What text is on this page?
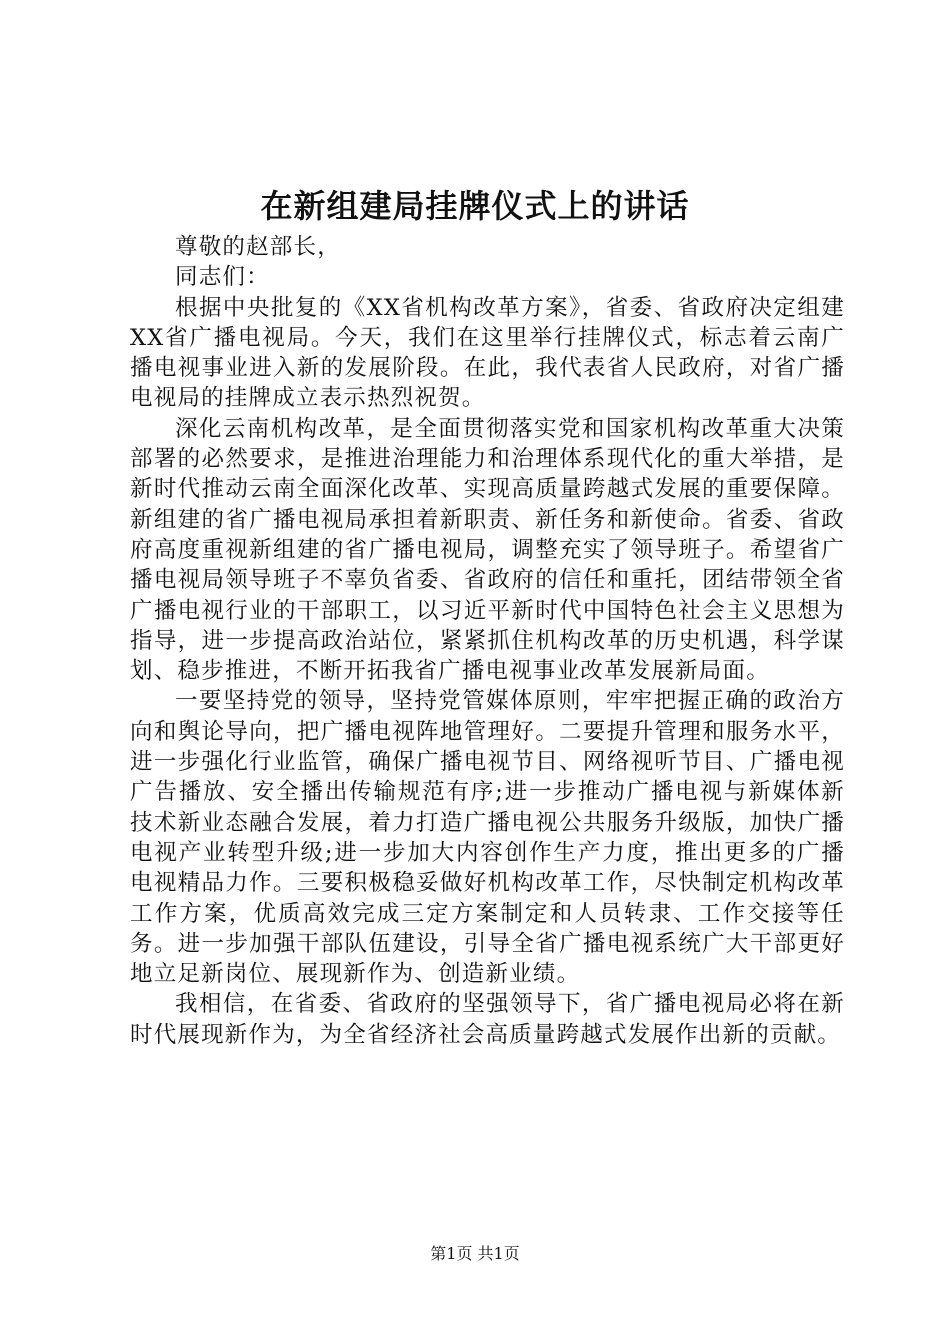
在新组建局挂牌仪式上的讲话

尊敬的赵部长，

同志们：

根据中央批复的《XX省机构改革方案》，省委、省政府决定组建XX省广播电视局。今天，我们在这里举行挂牌仪式，标志着云南广播电视事业进入新的发展阶段。在此，我代表省人民政府，对省广播电视局的挂牌成立表示热烈祝贺。

深化云南机构改革，是全面贯彻落实党和国家机构改革重大决策部署的必然要求，是推进治理能力和治理体系现代化的重大举措，是新时代推动云南全面深化改革、实现高质量跨越式发展的重要保障。新组建的省广播电视局承担着新职责、新任务和新使命。省委、省政府高度重视新组建的省广播电视局，调整充实了领导班子。希望省广播电视局领导班子不辜负省委、省政府的信任和重托，团结带领全省广播电视行业的干部职工，以习近平新时代中国特色社会主义思想为指导，进一步提高政治站位，紧紧抓住机构改革的历史机遇，科学谋划、稳步推进，不断开拓我省广播电视事业改革发展新局面。

一要坚持党的领导，坚持党管媒体原则，牢牢把握正确的政治方向和舆论导向，把广播电视阵地管理好。二要提升管理和服务水平，进一步强化行业监管，确保广播电视节目、网络视听节目、广播电视广告播放、安全播出传输规范有序;进一步推动广播电视与新媒体新技术新业态融合发展，着力打造广播电视公共服务升级版，加快广播电视产业转型升级;进一步加大内容创作生产力度，推出更多的广播电视精品力作。三要积极稳妥做好机构改革工作，尽快制定机构改革工作方案，优质高效完成三定方案制定和人员转隶、工作交接等任务。进一步加强干部队伍建设，引导全省广播电视系统广大干部更好地立足新岗位、展现新作为、创造新业绩。

我相信，在省委、省政府的坚强领导下，省广播电视局必将在新时代展现新作为，为全省经济社会高质量跨越式发展作出新的贡献。

第1页 共1页
